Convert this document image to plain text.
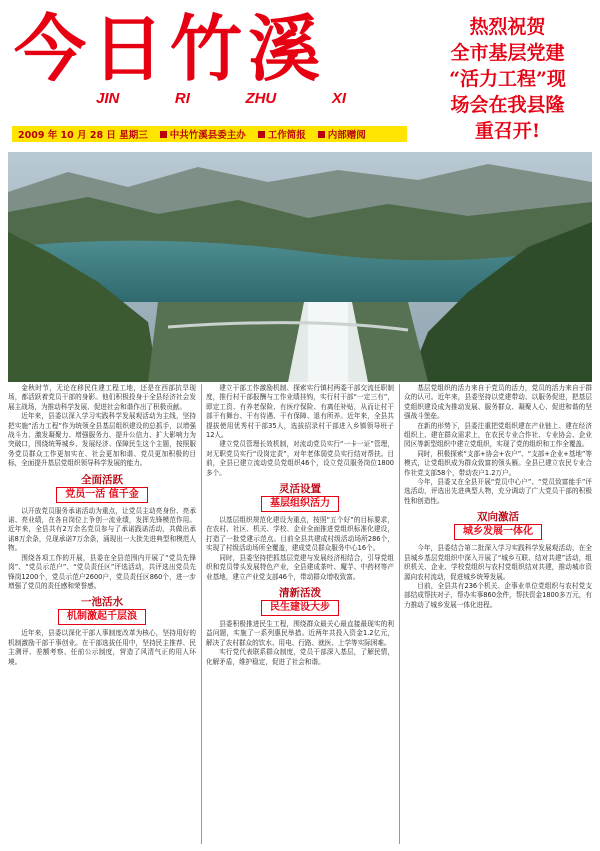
今日竹溪
JIN	RI	ZHU	XI
2009 年 10 月 28 日 星期三 中共竹溪县委主办 工作简报 内部赠阅
热烈祝贺
全市基层党建
“活力工程”现
场会在我县隆
重召开!

金秋时节，无论在移民住建工程工地，还是在西部抗旱现场，都活跃着党员干部的身影。他们积极投身于全县经济社会发展主战场，为推动科学发展、促进社会和谐作出了积极贡献。

近年来，县委以深入学习实践科学发展观活动为主线，坚持把实施“活力工程”作为统领全县基层组织建设的总抓手，以增强战斗力、激发凝聚力、增强服务力、提升公信力、扩大影响力为突破口，围绕统筹城乡、发展经济、保障民生这个主题，按照服务党员群众工作更加实在、社会更加和谐、党员更加积极的目标，全面提升基层党组织领导科学发展的能力。

全面活跃
党员一活 值千金

以开放党员服务承诺活动为重点，让党员主动亮身份、亮承诺、亮业绩，在各自岗位上争创一流业绩，发挥先锋模范作用。近年来，全县共有2万余名党员参与了承诺践诺活动，共做出承诺8万余条，兑现承诺7万余条，涌现出一大批先进典型和模范人物。

围绕各项工作的开展，县委在全县范围内开展了“党员先锋岗”、“党员示范户”、“党员责任区”评选活动，共评选出党员先锋岗1200个，党员示范户2600户，党员责任区860个，进一步增强了党员的责任感和荣誉感。

一池活水
机制激起千层浪

近年来，县委以深化干部人事制度改革为核心，坚持用好的机制激励干部干事创业。在干部选拔任用中，坚持民主推荐、民主测评、差额考察、任前公示制度，营造了风清气正的用人环境。

建立干部工作激励机制、探索实行镇村两委干部交流任职制度，推行村干部报酬与工作业绩挂钩，实行村干部“一定三有”，即定工资、有养老保险、有医疗保险、有离任补贴，从而让村干部干有舞台、干有待遇、干有保障、退有所养。近年来，全县共提拔使用优秀村干部35人，选拔招录村干部进入乡镇领导班子12人。

建立党员管理长效机制，对流动党员实行“一卡一证”管理，对无职党员实行“设岗定责”，对年老体弱党员实行结对帮扶。目前，全县已建立流动党员党组织46个，设立党员服务岗位1800多个。

灵活设置
基层组织活力

以基层组织规范化建设为重点，按照“五个好”的目标要求，在农村、社区、机关、学校、企业全面推进党组织标准化建设，打造了一批党建示范点。目前全县共建成村级活动场所286个，实现了村级活动场所全覆盖，建成党员群众服务中心16个。

同时，县委坚持把抓基层党建与发展经济相结合，引导党组织和党员带头发展特色产业，全县建成茶叶、魔芋、中药材等产业基地，建立产业党支部46个，带动群众增收致富。

清新活泼
民生建设大步

县委积极推进民生工程，围绕群众最关心最直接最现实的利益问题，实施了一系列惠民举措。近两年共投入资金1.2亿元，解决了农村群众的饮水、用电、行路、就医、上学等实际困难。

实行党代表联系群众制度，党员干部深入基层，了解民情，化解矛盾，维护稳定，促进了社会和谐。

基层党组织的活力来自于党员的活力，党员的活力来自于群众的认可。近年来，县委坚持以党建带动、以服务促进，把基层党组织建设成为推动发展、服务群众、凝聚人心、促进和谐的坚强战斗堡垒。

在新的形势下，县委注重把党组织建在产业链上、建在经济组织上、建在群众需求上，在农民专业合作社、专业协会、企业园区等新型组织中建立党组织，实现了党的组织和工作全覆盖。

同时，积极探索“支部+协会+农户”、“支部+企业+基地”等模式，让党组织成为群众致富的领头雁。全县已建立农民专业合作社党支部58个，带动农户1.2万户。

今年，县委又在全县开展“党员中心户”、“党员致富能手”评选活动，评选出先进典型人物，充分调动了广大党员干部的积极性和创造性。

双向激活
城乡发展一体化

今年，县委结合第二批深入学习实践科学发展观活动，在全县城乡基层党组织中深入开展了“城乡互联、结对共建”活动，组织机关、企业、学校党组织与农村党组织结对共建，推动城市资源向农村流动，促进城乡统筹发展。

目前，全县共有236个机关、企事业单位党组织与农村党支部结成帮扶对子，帮办实事860余件，帮扶资金1800多万元，有力推动了城乡发展一体化进程。
